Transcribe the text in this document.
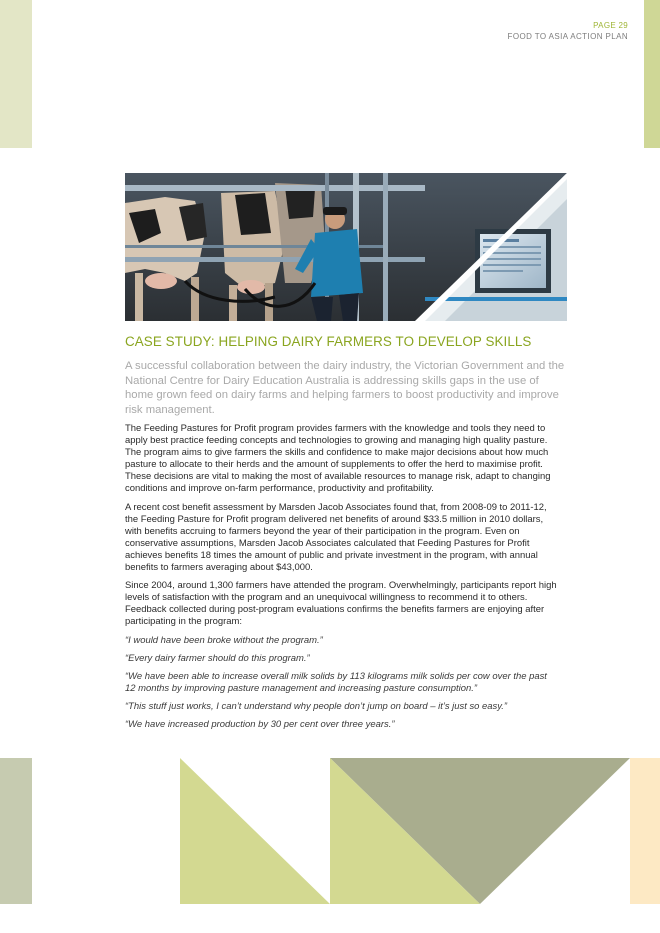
PAGE 29
FOOD TO ASIA ACTION PLAN
CASE STUDY: HELPING DAIRY FARMERS TO DEVELOP SKILLS

A successful collaboration between the dairy industry, the Victorian Government and the National Centre for Dairy Education Australia is addressing skills gaps in the use of home grown feed on dairy farms and helping farmers to boost productivity and improve risk management.

The Feeding Pastures for Profit program provides farmers with the knowledge and tools they need to apply best practice feeding concepts and technologies to growing and managing high quality pasture. The program aims to give farmers the skills and confidence to make major decisions about how much pasture to allocate to their herds and the amount of supplements to offer the herd to maximise profit. These decisions are vital to making the most of available resources to manage risk, adapt to changing conditions and improve on-farm performance, productivity and profitability.

A recent cost benefit assessment by Marsden Jacob Associates found that, from 2008-09 to 2011-12, the Feeding Pasture for Profit program delivered net benefits of around $33.5 million in 2010 dollars, with benefits accruing to farmers beyond the year of their participation in the program. Even on conservative assumptions, Marsden Jacob Associates calculated that Feeding Pastures for Profit achieves benefits 18 times the amount of public and private investment in the program, with annual benefits to farmers averaging about $43,000.

Since 2004, around 1,300 farmers have attended the program. Overwhelmingly, participants report high levels of satisfaction with the program and an unequivocal willingness to recommend it to others. Feedback collected during post-program evaluations confirms the benefits farmers are enjoying after participating in the program:

“I would have been broke without the program.”

“Every dairy farmer should do this program.”

“We have been able to increase overall milk solids by 113 kilograms milk solids per cow over the past 12 months by improving pasture management and increasing pasture consumption.”

“This stuff just works, I can’t understand why people don’t jump on board – it’s just so easy.”

“We have increased production by 30 per cent over three years.”
